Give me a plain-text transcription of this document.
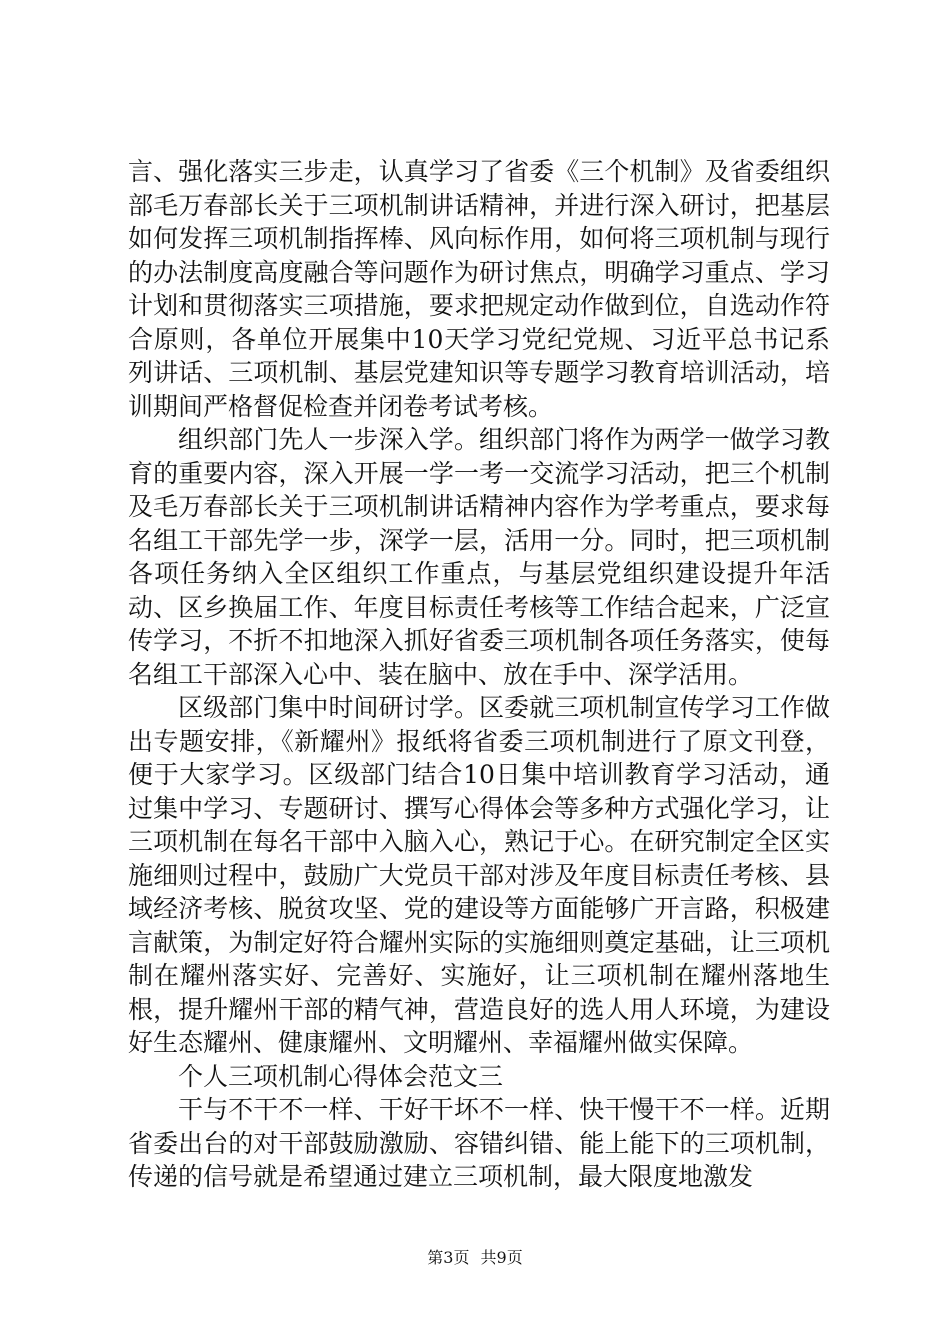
言、强化落实三步走，认真学习了省委《三个机制》及省委组织部毛万春部长关于三项机制讲话精神，并进行深入研讨，把基层如何发挥三项机制指挥棒、风向标作用，如何将三项机制与现行的办法制度高度融合等问题作为研讨焦点，明确学习重点、学习计划和贯彻落实三项措施，要求把规定动作做到位，自选动作符合原则，各单位开展集中10天学习党纪党规、习近平总书记系列讲话、三项机制、基层党建知识等专题学习教育培训活动，培训期间严格督促检查并闭卷考试考核。

组织部门先人一步深入学。组织部门将作为两学一做学习教育的重要内容，深入开展一学一考一交流学习活动，把三个机制及毛万春部长关于三项机制讲话精神内容作为学考重点，要求每名组工干部先学一步，深学一层，活用一分。同时，把三项机制各项任务纳入全区组织工作重点，与基层党组织建设提升年活动、区乡换届工作、年度目标责任考核等工作结合起来，广泛宣传学习，不折不扣地深入抓好省委三项机制各项任务落实，使每名组工干部深入心中、装在脑中、放在手中、深学活用。

区级部门集中时间研讨学。区委就三项机制宣传学习工作做出专题安排，《新耀州》报纸将省委三项机制进行了原文刊登，便于大家学习。区级部门结合10日集中培训教育学习活动，通过集中学习、专题研讨、撰写心得体会等多种方式强化学习，让三项机制在每名干部中入脑入心，熟记于心。在研究制定全区实施细则过程中，鼓励广大党员干部对涉及年度目标责任考核、县域经济考核、脱贫攻坚、党的建设等方面能够广开言路，积极建言献策，为制定好符合耀州实际的实施细则奠定基础，让三项机制在耀州落实好、完善好、实施好，让三项机制在耀州落地生根，提升耀州干部的精气神，营造良好的选人用人环境，为建设好生态耀州、健康耀州、文明耀州、幸福耀州做实保障。

个人三项机制心得体会范文三

干与不干不一样、干好干坏不一样、快干慢干不一样。近期省委出台的对干部鼓励激励、容错纠错、能上能下的三项机制，传递的信号就是希望通过建立三项机制，最大限度地激发

第3页 共9页
